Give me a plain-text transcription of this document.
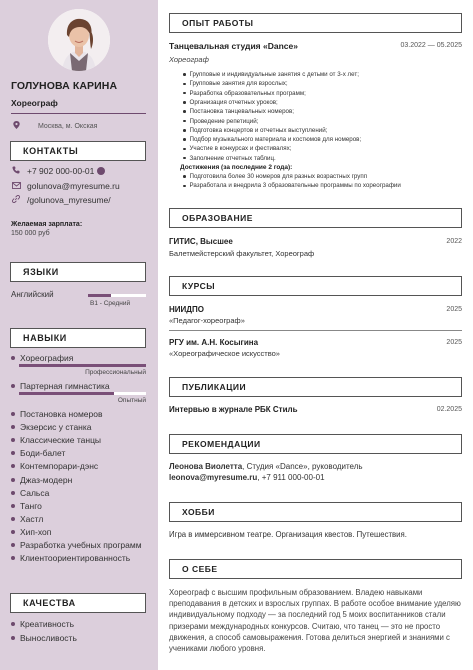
ГОЛУНОВА КАРИНА
Хореограф
Москва, м. Окская
КОНТАКТЫ
+7 902 000-00-01
golunova@myresume.ru
/golunova_myresume/
Желаемая зарплата:
150 000 руб
ЯЗЫКИ
Английский
B1 - Средний
НАВЫКИ
Хореография
Профессиональный
Партерная гимнастика
Опытный
Постановка номеров
Экзерсис у станка
Классические танцы
Боди-балет
Контемпорари-дэнс
Джаз-модерн
Сальса
Танго
Хастл
Хип-хоп
Разработка учебных программ
Клиентоориентированность
КАЧЕСТВА
Креативность
Выносливость
ОПЫТ РАБОТЫ
Танцевальная студия «Dance»	03.2022 — 05.2025
Хореограф
Групповые и индивидуальные занятия с детьми от 3-х лет;
Групповые занятия для взрослых;
Разработка образовательных программ;
Организация отчетных уроков;
Постановка танцевальных номеров;
Проведение репетиций;
Подготовка концертов и отчетных выступлений;
Подбор музыкального материала и костюмов для номеров;
Участие в конкурсах и фестивалях;
Заполнение отчетных таблиц.
Достижения (за последние 2 года):
Подготовила более 30 номеров для разных возрастных групп
Разработала и внедрила 3 образовательные программы по хореографии
ОБРАЗОВАНИЕ
ГИТИС, Высшее	2022
Балетмейстерский факультет, Хореограф
КУРСЫ
НИИДПО	2025
«Педагог-хореограф»
РГУ им. А.Н. Косыгина	2025
«Хореографическое искусство»
ПУБЛИКАЦИИ
Интервью в журнале РБК Стиль	02.2025
РЕКОМЕНДАЦИИ
Леонова Виолетта, Студия «Dance», руководитель
leonova@myresume.ru, +7 911 000-00-01
ХОББИ
Игра в иммерсивном театре. Организация квестов. Путешествия.
О СЕБЕ
Хореограф с высшим профильным образованием. Владею навыками преподавания в детских и взрослых группах. В работе особое внимание уделяю индивидуальному подходу — за последний год 5 моих воспитанников стали призерами международных конкурсов. Считаю, что танец — это не просто движения, а способ самовыражения. Готова делиться энергией и знаниями с учениками любого уровня.
